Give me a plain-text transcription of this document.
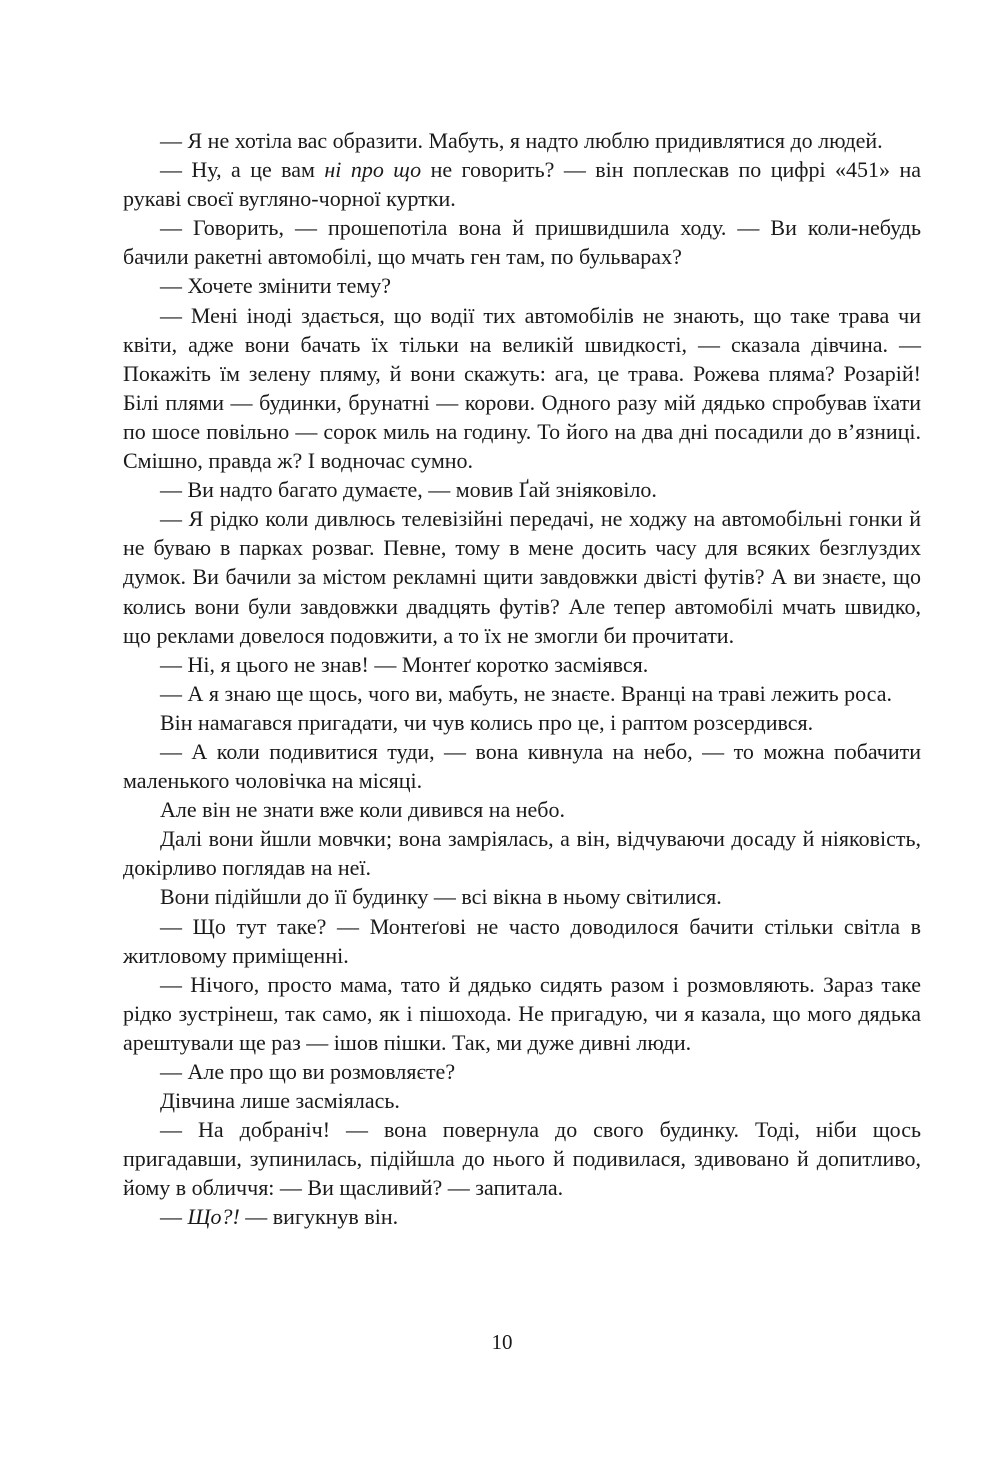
— Я не хотіла вас образити. Мабуть, я надто люблю придивлятися до людей.

— Ну, а це вам ні про що не говорить? — він поплескав по цифрі «451» на рукаві своєї вугляно-чорної куртки.

— Говорить, — прошепотіла вона й пришвидшила ходу. — Ви коли-небудь бачили ракетні автомобілі, що мчать ген там, по бульварах?

— Хочете змінити тему?

— Мені іноді здається, що водії тих автомобілів не знають, що таке трава чи квіти, адже вони бачать їх тільки на великій швидкості, — сказала дівчина. — Покажіть їм зелену пляму, й вони скажуть: ага, це трава. Рожева пляма? Розарій! Білі плями — будинки, брунатні — корови. Одного разу мій дядько спробував їхати по шосе повільно — сорок миль на годину. То його на два дні посадили до в’язниці. Смішно, правда ж? І водночас сумно.

— Ви надто багато думаєте, — мовив Ґай зніяковіло.

— Я рідко коли дивлюсь телевізійні передачі, не ходжу на автомобільні гонки й не буваю в парках розваг. Певне, тому в мене досить часу для всяких безглуздих думок. Ви бачили за містом рекламні щити завдовжки двісті футів? А ви знаєте, що колись вони були завдовжки двадцять футів? Але тепер автомобілі мчать швидко, що реклами довелося подовжити, а то їх не змогли би прочитати.

— Ні, я цього не знав! — Монтеґ коротко засміявся.

— А я знаю ще щось, чого ви, мабуть, не знаєте. Вранці на траві лежить роса.

Він намагався пригадати, чи чув колись про це, і раптом розсердився.

— А коли подивитися туди, — вона кивнула на небо, — то можна побачити маленького чоловічка на місяці.

Але він не знати вже коли дивився на небо.

Далі вони йшли мовчки; вона замріялась, а він, відчуваючи досаду й ніяковість, докірливо поглядав на неї.

Вони підійшли до її будинку — всі вікна в ньому світилися.

— Що тут таке? — Монтеґові не часто доводилося бачити стільки світла в житловому приміщенні.

— Нічого, просто мама, тато й дядько сидять разом і розмовляють. Зараз таке рідко зустрінеш, так само, як і пішохода. Не пригадую, чи я казала, що мого дядька арештували ще раз — ішов пішки. Так, ми дуже дивні люди.

— Але про що ви розмовляєте?

Дівчина лише засміялась.

— На добраніч! — вона повернула до свого будинку. Тоді, ніби щось пригадавши, зупинилась, підійшла до нього й подивилася, здивовано й допитливо, йому в обличчя: — Ви щасливий? — запитала.

— Що?! — вигукнув він.

10
